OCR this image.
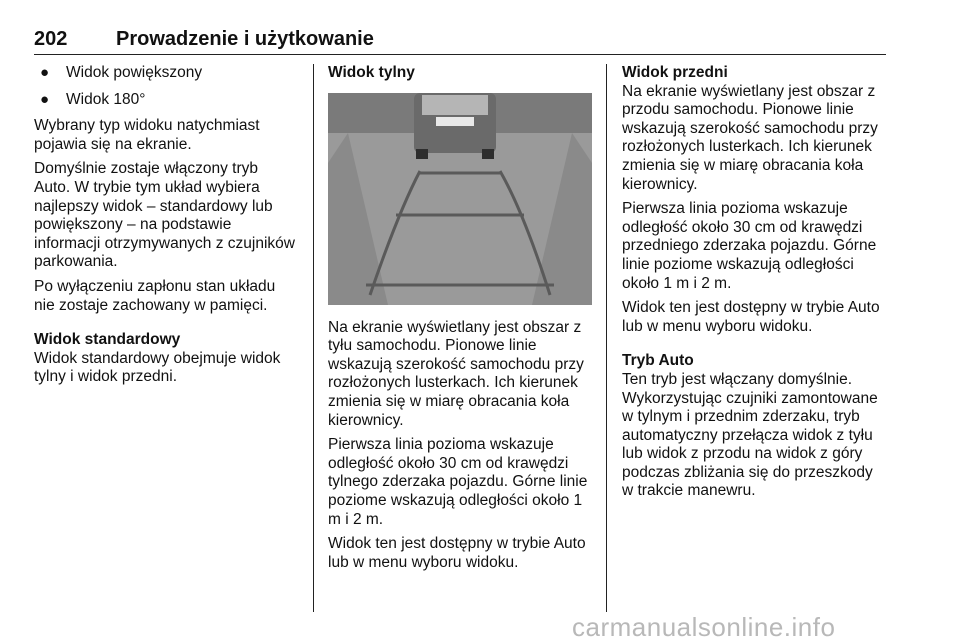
202 Prowadzenie i użytkowanie
● Widok powiększony
● Widok 180°

Wybrany typ widoku natychmiast pojawia się na ekranie.

Domyślnie zostaje włączony tryb Auto. W trybie tym układ wybiera najlepszy widok – standardowy lub powiększony – na podstawie informacji otrzymywanych z czujników parkowania.

Po wyłączeniu zapłonu stan układu nie zostaje zachowany w pamięci.

Widok standardowy

Widok standardowy obejmuje widok tylny i widok przedni.

Widok tylny

Na ekranie wyświetlany jest obszar z tyłu samochodu. Pionowe linie wskazują szerokość samochodu przy rozłożonych lusterkach. Ich kierunek zmienia się w miarę obracania koła kierownicy.

Pierwsza linia pozioma wskazuje odległość około 30 cm od krawędzi tylnego zderzaka pojazdu. Górne linie poziome wskazują odległości około 1 m i 2 m.

Widok ten jest dostępny w trybie Auto lub w menu wyboru widoku.

Widok przedni

Na ekranie wyświetlany jest obszar z przodu samochodu. Pionowe linie wskazują szerokość samochodu przy rozłożonych lusterkach. Ich kierunek zmienia się w miarę obracania koła kierownicy.

Pierwsza linia pozioma wskazuje odległość około 30 cm od krawędzi przedniego zderzaka pojazdu. Górne linie poziome wskazują odległości około 1 m i 2 m.

Widok ten jest dostępny w trybie Auto lub w menu wyboru widoku.

Tryb Auto

Ten tryb jest włączany domyślnie. Wykorzystując czujniki zamontowane w tylnym i przednim zderzaku, tryb automatyczny przełącza widok z tyłu lub widok z przodu na widok z góry podczas zbliżania się do przeszkody w trakcie manewru.

carmanualsonline.info
